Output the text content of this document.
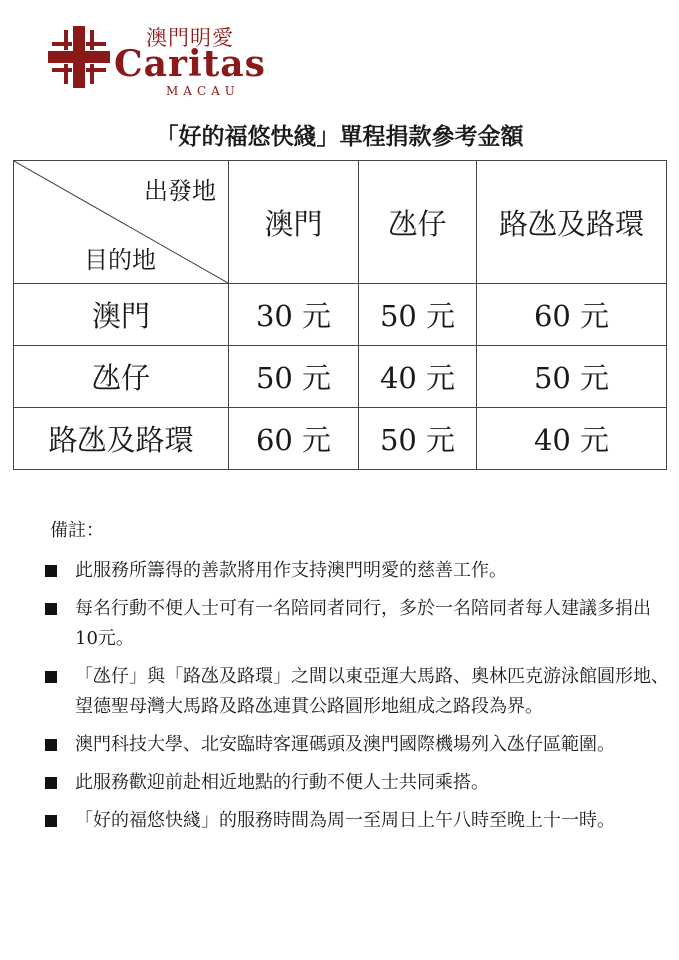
澳門明愛
Caritas
MACAU
「好的福悠快綫」單程捐款參考金額
出發地
目的地	澳門	氹仔	路氹及路環
澳門	30 元	50 元	60 元
氹仔	50 元	40 元	50 元
路氹及路環	60 元	50 元	40 元
備註：
此服務所籌得的善款將用作支持澳門明愛的慈善工作。
每名行動不便人士可有一名陪同者同行，多於一名陪同者每人建議多捐出10元。
「氹仔」與「路氹及路環」之間以東亞運大馬路、奧林匹克游泳館圓形地、望德聖母灣大馬路及路氹連貫公路圓形地組成之路段為界。
澳門科技大學、北安臨時客運碼頭及澳門國際機場列入氹仔區範圍。
此服務歡迎前赴相近地點的行動不便人士共同乘搭。
「好的福悠快綫」的服務時間為周一至周日上午八時至晚上十一時。
